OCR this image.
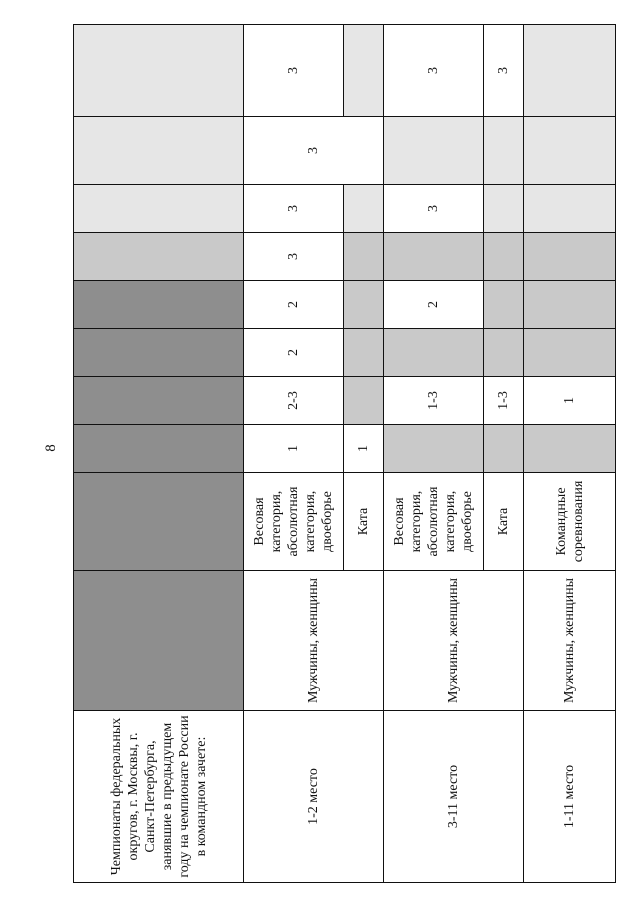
8
Чемпионаты федеральных округов, г. Москвы, г. Санкт-Петербурга, занявшие в предыдущем году на чемпионате России в командном зачете:										
1-2 место	Мужчины, женщины	Весовая категория, абсолютная категория, двоеборье	1	2-3	2	2	3	3	3	3
		Ката	1							
3-11 место	Мужчины, женщины	Весовая категория, абсолютная категория, двоеборье		1-3		2		3		3
		Ката		1-3						3
1-11 место	Мужчины, женщины	Командные соревнования		1						
